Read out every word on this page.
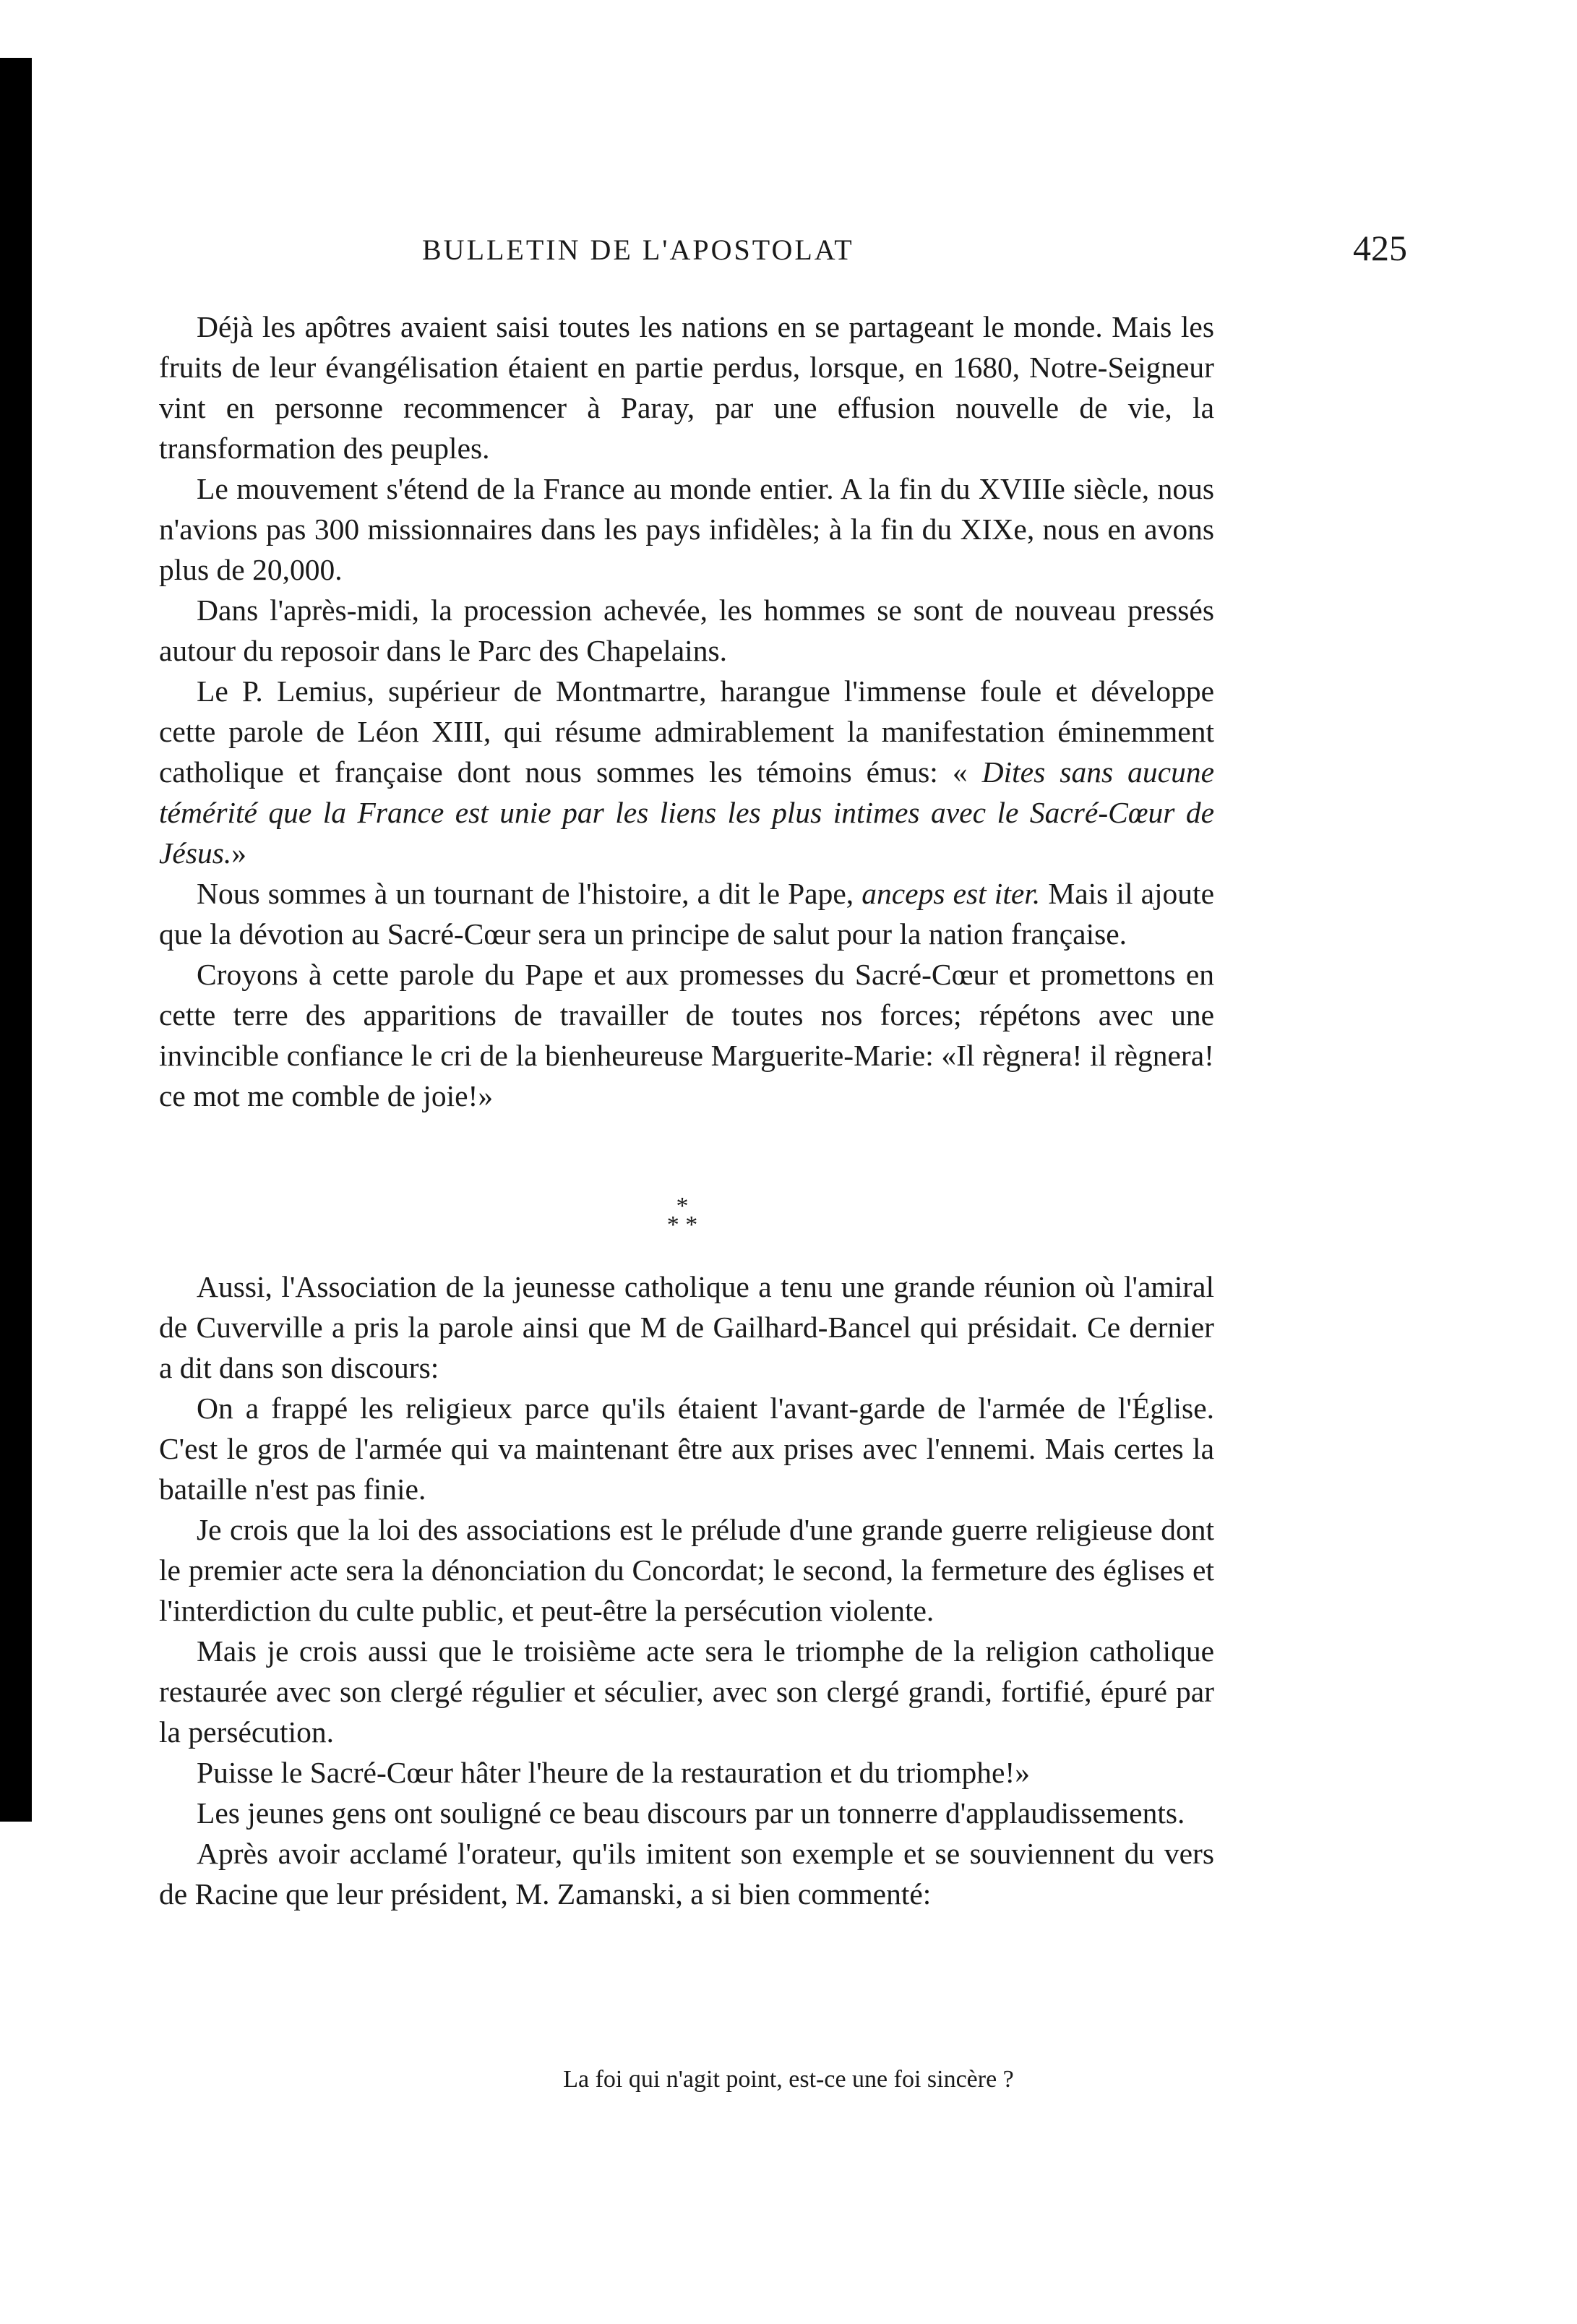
BULLETIN DE L'APOSTOLAT	425

Déjà les apôtres avaient saisi toutes les nations en se partageant le monde. Mais les fruits de leur évangélisation étaient en partie perdus, lorsque, en 1680, Notre-Seigneur vint en personne recommencer à Paray, par une effusion nouvelle de vie, la transformation des peuples.

Le mouvement s'étend de la France au monde entier. A la fin du XVIIIe siècle, nous n'avions pas 300 missionnaires dans les pays infidèles; à la fin du XIXe, nous en avons plus de 20,000.

Dans l'après-midi, la procession achevée, les hommes se sont de nouveau pressés autour du reposoir dans le Parc des Chapelains.

Le P. Lemius, supérieur de Montmartre, harangue l'immense foule et développe cette parole de Léon XIII, qui résume admirablement la manifestation éminemment catholique et française dont nous sommes les témoins émus: « Dites sans aucune témérité que la France est unie par les liens les plus intimes avec le Sacré-Cœur de Jésus.»

Nous sommes à un tournant de l'histoire, a dit le Pape, anceps est iter. Mais il ajoute que la dévotion au Sacré-Cœur sera un principe de salut pour la nation française.

Croyons à cette parole du Pape et aux promesses du Sacré-Cœur et promettons en cette terre des apparitions de travailler de toutes nos forces; répétons avec une invincible confiance le cri de la bienheureuse Marguerite-Marie: «Il règnera! il règnera! ce mot me comble de joie!»

*
* *

Aussi, l'Association de la jeunesse catholique a tenu une grande réunion où l'amiral de Cuverville a pris la parole ainsi que M de Gailhard-Bancel qui présidait. Ce dernier a dit dans son discours:

On a frappé les religieux parce qu'ils étaient l'avant-garde de l'armée de l'Église. C'est le gros de l'armée qui va maintenant être aux prises avec l'ennemi. Mais certes la bataille n'est pas finie.

Je crois que la loi des associations est le prélude d'une grande guerre religieuse dont le premier acte sera la dénonciation du Concordat; le second, la fermeture des églises et l'interdiction du culte public, et peut-être la persécution violente.

Mais je crois aussi que le troisième acte sera le triomphe de la religion catholique restaurée avec son clergé régulier et séculier, avec son clergé grandi, fortifié, épuré par la persécution.

Puisse le Sacré-Cœur hâter l'heure de la restauration et du triomphe!»

Les jeunes gens ont souligné ce beau discours par un tonnerre d'applaudissements.

Après avoir acclamé l'orateur, qu'ils imitent son exemple et se souviennent du vers de Racine que leur président, M. Zamanski, a si bien commenté:

La foi qui n'agit point, est-ce une foi sincère ?
